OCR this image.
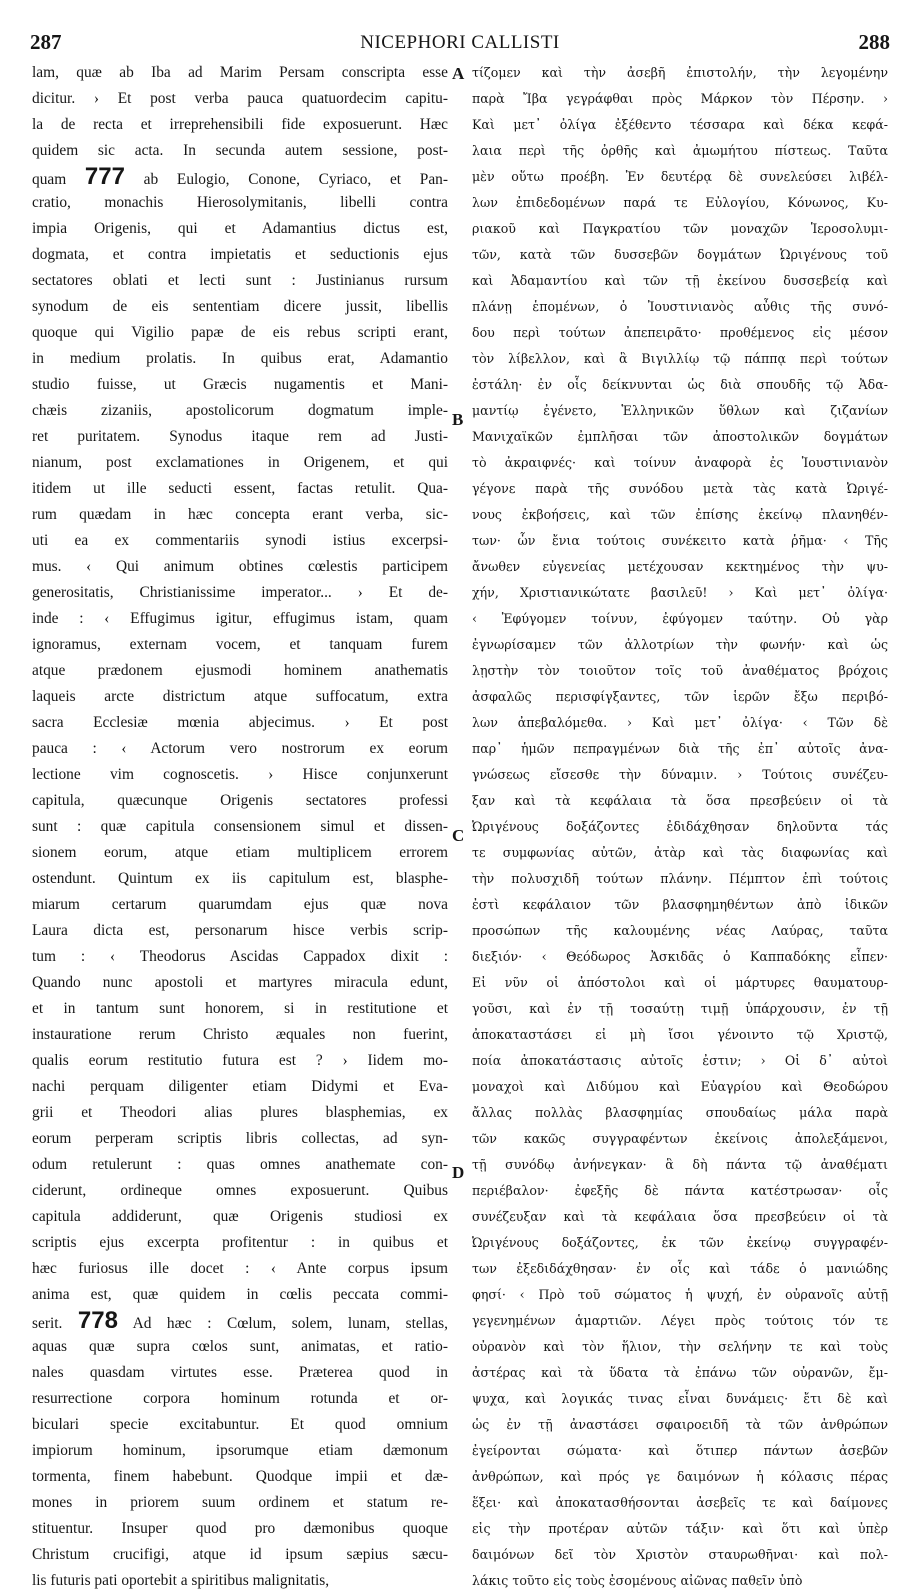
287	NICEPHORI CALLISTI	288
lam, quæ ab Iba ad Marim Persam conscripta esse
dicitur. › Et post verba pauca quatuordecim capitu-
la de recta et irreprehensibili fide exposuerunt. Hæc
quidem sic acta. In secunda autem sessione, post-
quam 777 ab Eulogio, Conone, Cyriaco, et Pan-
cratio, monachis Hierosolymitanis, libelli contra
impia Origenis, qui et Adamantius dictus est,
dogmata, et contra impietatis et seductionis ejus
sectatores oblati et lecti sunt : Justinianus rursum
synodum de eis sententiam dicere jussit, libellis
quoque qui Vigilio papæ de eis rebus scripti erant,
in medium prolatis. In quibus erat, Adamantio
studio fuisse, ut Græcis nugamentis et Mani-
chæis zizaniis, apostolicorum dogmatum imple-
ret puritatem. Synodus itaque rem ad Justi-
nianum, post exclamationes in Origenem, et qui
itidem ut ille seducti essent, factas retulit. Qua-
rum quædam in hæc concepta erant verba, sic-
uti ea ex commentariis synodi istius excerpsi-
mus. ‹ Qui animum obtines cœlestis participem
generositatis, Christianissime imperator... › Et de-
inde : ‹ Effugimus igitur, effugimus istam, quam
ignoramus, externam vocem, et tanquam furem
atque prædonem ejusmodi hominem anathematis
laqueis arcte districtum atque suffocatum, extra
sacra Ecclesiæ mœnia abjecimus. › Et post
pauca : ‹ Actorum vero nostrorum ex eorum
lectione vim cognoscetis. › Hisce conjunxerunt
capitula, quæcunque Origenis sectatores professi
sunt : quæ capitula consensionem simul et dissen-
sionem eorum, atque etiam multiplicem errorem
ostendunt. Quintum ex iis capitulum est, blasphe-
miarum certarum quarumdam ejus quæ nova
Laura dicta est, personarum hisce verbis scrip-
tum : ‹ Theodorus Ascidas Cappadox dixit :
Quando nunc apostoli et martyres miracula edunt,
et in tantum sunt honorem, si in restitutione et
instauratione rerum Christo æquales non fuerint,
qualis eorum restitutio futura est ? › Iidem mo-
nachi perquam diligenter etiam Didymi et Eva-
grii et Theodori alias plures blasphemias, ex
eorum perperam scriptis libris collectas, ad syn-
odum retulerunt : quas omnes anathemate con-
ciderunt, ordineque omnes exposuerunt. Quibus
capitula addiderunt, quæ Origenis studiosi ex
scriptis ejus excerpta profitentur : in quibus et
hæc furiosus ille docet : ‹ Ante corpus ipsum
anima est, quæ quidem in cœlis peccata commi-
serit. 778 Ad hæc : Cœlum, solem, lunam, stellas,
aquas quæ supra cœlos sunt, animatas, et ratio-
nales quasdam virtutes esse. Præterea quod in
resurrectione corpora hominum rotunda et or-
biculari specie excitabuntur. Et quod omnium
impiorum hominum, ipsorumque etiam dæmonum
tormenta, finem habebunt. Quodque impii et dæ-
mones in priorem suum ordinem et statum re-
stituentur. Insuper quod pro dæmonibus quoque
Christum crucifigi, atque id ipsum sæpius sæcu-
lis futuris pati oportebit a spiritibus malignitatis,
τίζομεν καὶ τὴν ἀσεβῆ ἐπιστολήν, τὴν λεγομένην
παρὰ Ἴβα γεγράφθαι πρὸς Μάρκον τὸν Πέρσην. ›
Καὶ μετ᾽ ὀλίγα ἐξέθεντο τέσσαρα καὶ δέκα κεφά-
λαια περὶ τῆς ὀρθῆς καὶ ἀμωμήτου πίστεως. Ταῦτα
μὲν οὕτω προέβη. Ἐν δευτέρᾳ δὲ συνελεύσει λιβέλ-
λων ἐπιδεδομένων παρά τε Εὐλογίου, Κόνωνος, Κυ-
ριακοῦ καὶ Παγκρατίου τῶν μοναχῶν Ἱεροσολυμι-
τῶν, κατὰ τῶν δυσσεβῶν δογμάτων Ὠριγένους τοῦ
καὶ Ἀδαμαντίου καὶ τῶν τῇ ἐκείνου δυσσεβείᾳ καὶ
πλάνῃ ἑπομένων, ὁ Ἰουστινιανὸς αὖθις τῆς συνό-
δου περὶ τούτων ἀπεπειρᾶτο· προθέμενος εἰς μέσον
τὸν λίβελλον, καὶ ἃ Βιγιλλίῳ τῷ πάππᾳ περὶ τούτων
ἐστάλη· ἐν οἷς δείκνυνται ὡς διὰ σπουδῆς τῷ Ἀδα-
μαντίῳ ἐγένετο, Ἑλληνικῶν ὕθλων καὶ ζιζανίων
Μανιχαϊκῶν ἐμπλῆσαι τῶν ἀποστολικῶν δογμάτων
τὸ ἀκραιφνές· καὶ τοίνυν ἀναφορὰ ἐς Ἰουστινιανὸν
γέγονε παρὰ τῆς συνόδου μετὰ τὰς κατὰ Ὠριγέ-
νους ἐκβοήσεις, καὶ τῶν ἐπίσης ἐκείνῳ πλανηθέν-
των· ὧν ἔνια τούτοις συνέκειτο κατὰ ῥῆμα· ‹ Τῆς
ἄνωθεν εὐγενείας μετέχουσαν κεκτημένος τὴν ψυ-
χήν, Χριστιανικώτατε βασιλεῦ! › Καὶ μετ᾽ ὀλίγα·
‹ Ἐφύγομεν τοίνυν, ἐφύγομεν ταύτην. Οὐ γὰρ
ἐγνωρίσαμεν τῶν ἀλλοτρίων τὴν φωνήν· καὶ ὡς
λῃστὴν τὸν τοιοῦτον τοῖς τοῦ ἀναθέματος βρόχοις
ἀσφαλῶς περισφίγξαντες, τῶν ἱερῶν ἔξω περιβό-
λων ἀπεβαλόμεθα. › Καὶ μετ᾽ ὀλίγα· ‹ Τῶν δὲ
παρ᾽ ἡμῶν πεπραγμένων διὰ τῆς ἐπ᾽ αὐτοῖς ἀνα-
γνώσεως εἴσεσθε τὴν δύναμιν. › Τούτοις συνέζευ-
ξαν καὶ τὰ κεφάλαια τὰ ὅσα πρεσβεύειν οἱ τὰ
Ὠριγένους δοξάζοντες ἐδιδάχθησαν δηλοῦντα τάς
τε συμφωνίας αὐτῶν, ἀτὰρ καὶ τὰς διαφωνίας καὶ
τὴν πολυσχιδῆ τούτων πλάνην. Πέμπτον ἐπὶ τούτοις
ἐστὶ κεφάλαιον τῶν βλασφημηθέντων ἀπὸ ἰδικῶν
προσώπων τῆς καλουμένης νέας Λαύρας, ταῦτα
διεξιόν· ‹ Θεόδωρος Ἀσκιδᾶς ὁ Καππαδόκης εἶπεν·
Εἰ νῦν οἱ ἀπόστολοι καὶ οἱ μάρτυρες θαυματουρ-
γοῦσι, καὶ ἐν τῇ τοσαύτῃ τιμῇ ὑπάρχουσιν, ἐν τῇ
ἀποκαταστάσει εἰ μὴ ἴσοι γένοιντο τῷ Χριστῷ,
ποία ἀποκατάστασις αὐτοῖς ἐστιν; › Οἱ δ᾽ αὐτοὶ
μοναχοὶ καὶ Διδύμου καὶ Εὐαγρίου καὶ Θεοδώρου
ἄλλας πολλὰς βλασφημίας σπουδαίως μάλα παρὰ
τῶν κακῶς συγγραφέντων ἐκείνοις ἀπολεξάμενοι,
τῇ συνόδῳ ἀνήνεγκαν· ἃ δὴ πάντα τῷ ἀναθέματι
περιέβαλον· ἐφεξῆς δὲ πάντα κατέστρωσαν· οἷς
συνέζευξαν καὶ τὰ κεφάλαια ὅσα πρεσβεύειν οἱ τὰ
Ὠριγένους δοξάζοντες, ἐκ τῶν ἐκείνῳ συγγραφέν-
των ἐξεδιδάχθησαν· ἐν οἷς καὶ τάδε ὁ μανιώδης
φησί· ‹ Πρὸ τοῦ σώματος ἡ ψυχή, ἐν οὐρανοῖς αὐτῇ
γεγενημένων ἁμαρτιῶν. Λέγει πρὸς τούτοις τόν τε
οὐρανὸν καὶ τὸν ἥλιον, τὴν σελήνην τε καὶ τοὺς
ἀστέρας καὶ τὰ ὕδατα τὰ ἐπάνω τῶν οὐρανῶν, ἔμ-
ψυχα, καὶ λογικάς τινας εἶναι δυνάμεις· ἔτι δὲ καὶ
ὡς ἐν τῇ ἀναστάσει σφαιροειδῆ τὰ τῶν ἀνθρώπων
ἐγείρονται σώματα· καὶ ὅτιπερ πάντων ἀσεβῶν
ἀνθρώπων, καὶ πρός γε δαιμόνων ἡ κόλασις πέρας
ἕξει· καὶ ἀποκατασθήσονται ἀσεβεῖς τε καὶ δαίμονες
εἰς τὴν προτέραν αὐτῶν τάξιν· καὶ ὅτι καὶ ὑπὲρ
δαιμόνων δεῖ τὸν Χριστὸν σταυρωθῆναι· καὶ πολ-
λάκις τοῦτο εἰς τοὺς ἐσομένους αἰῶνας παθεῖν ὑπὸ
A
B
C
D
